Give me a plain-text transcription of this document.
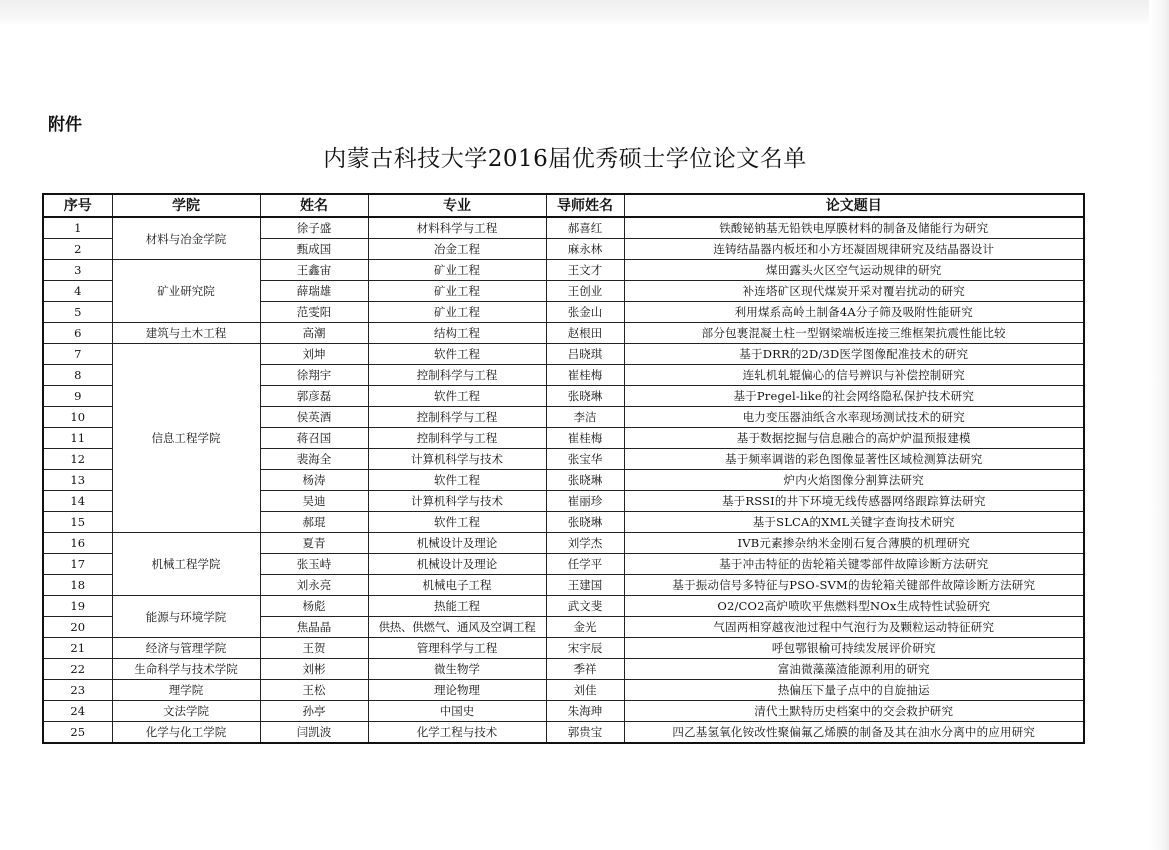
附件
内蒙古科技大学2016届优秀硕士学位论文名单
序号	学院	姓名	专业	导师姓名	论文题目
1	材料与冶金学院	徐子盛	材料科学与工程	郝喜红	铁酸铋钠基无铅铁电厚膜材料的制备及储能行为研究
2		甄成国	冶金工程	麻永林	连铸结晶器内板坯和小方坯凝固规律研究及结晶器设计
3	矿业研究院	王鑫宙	矿业工程	王文才	煤田露头火区空气运动规律的研究
4		薛瑞雄	矿业工程	王创业	补连塔矿区现代煤炭开采对覆岩扰动的研究
5		范雯阳	矿业工程	张金山	利用煤系高岭土制备4A分子筛及吸附性能研究
6	建筑与土木工程	高潮	结构工程	赵根田	部分包裹混凝土柱一型钢梁端板连接三维框架抗震性能比较
7	信息工程学院	刘坤	软件工程	吕晓琪	基于DRR的2D/3D医学图像配准技术的研究
8		徐翔宇	控制科学与工程	崔桂梅	连轧机轧辊偏心的信号辨识与补偿控制研究
9		郭彦磊	软件工程	张晓琳	基于Pregel-like的社会网络隐私保护技术研究
10		侯英酒	控制科学与工程	李洁	电力变压器油纸含水率现场测试技术的研究
11		蒋召国	控制科学与工程	崔桂梅	基于数据挖掘与信息融合的高炉炉温预报建模
12		裴海全	计算机科学与技术	张宝华	基于频率调谐的彩色图像显著性区域检测算法研究
13		杨涛	软件工程	张晓琳	炉内火焰图像分割算法研究
14		吴迪	计算机科学与技术	崔丽珍	基于RSSI的井下环境无线传感器网络跟踪算法研究
15		郝琨	软件工程	张晓琳	基于SLCA的XML关键字查询技术研究
16	机械工程学院	夏青	机械设计及理论	刘学杰	IVB元素掺杂纳米金刚石复合薄膜的机理研究
17		张玉峙	机械设计及理论	任学平	基于冲击特征的齿轮箱关键零部件故障诊断方法研究
18		刘永亮	机械电子工程	王建国	基于振动信号多特征与PSO-SVM的齿轮箱关键部件故障诊断方法研究
19	能源与环境学院	杨彪	热能工程	武文斐	O2/CO2高炉喷吹平焦燃料型NOx生成特性试验研究
20		焦晶晶	供热、供燃气、通风及空调工程	金光	气固两相穿越夜池过程中气泡行为及颗粒运动特征研究
21	经济与管理学院	王贺	管理科学与工程	宋宇辰	呼包鄂银榆可持续发展评价研究
22	生命科学与技术学院	刘彬	微生物学	季祥	富油微藻藻渣能源利用的研究
23	理学院	王松	理论物理	刘佳	热偏压下量子点中的自旋抽运
24	文法学院	孙亭	中国史	朱海珅	清代土默特历史档案中的交会救护研究
25	化学与化工学院	闫凯波	化学工程与技术	郭贵宝	四乙基氢氧化铵改性聚偏氟乙烯膜的制备及其在油水分离中的应用研究
